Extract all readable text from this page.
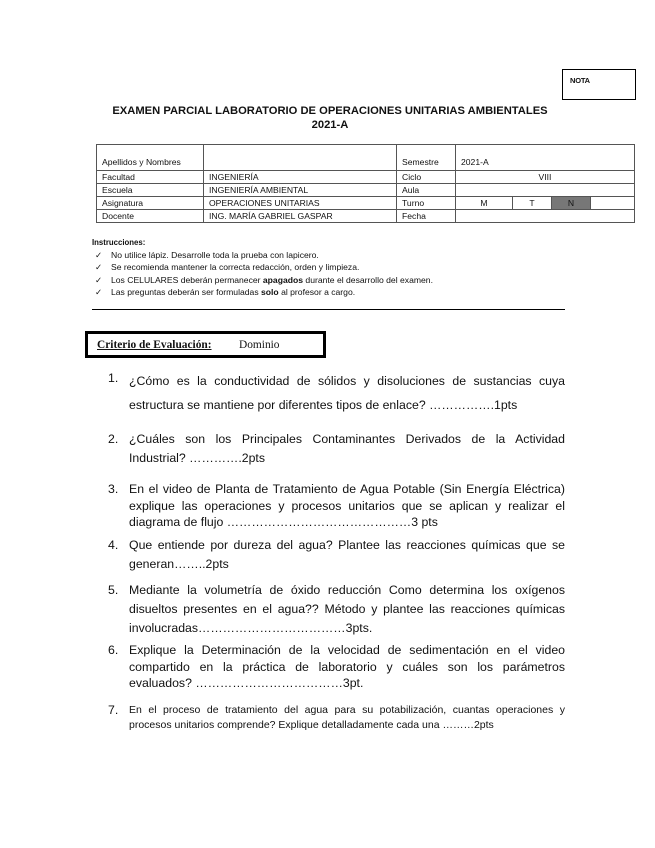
NOTA
EXAMEN PARCIAL LABORATORIO DE OPERACIONES UNITARIAS AMBIENTALES
2021-A
Apellidos y Nombres		Semestre	2021-A			
Facultad	INGENIERÍA	Ciclo	VIII			
Escuela	INGENIERÍA AMBIENTAL	Aula				
Asignatura	OPERACIONES UNITARIAS	Turno	M	T	N	
Docente	ING. MARÍA GABRIEL GASPAR	Fecha				
Instrucciones:
✓ No utilice lápiz. Desarrolle toda la prueba con lapicero.
✓ Se recomienda mantener la correcta redacción, orden y limpieza.
✓ Los CELULARES deberán permanecer apagados durante el desarrollo del examen.
✓ Las preguntas deberán ser formuladas solo al profesor a cargo.
Criterio de Evaluación: Dominio
1. ¿Cómo es la conductividad de sólidos y disoluciones de sustancias cuya estructura se mantiene por diferentes tipos de enlace? …………….1pts
2. ¿Cuáles son los Principales Contaminantes Derivados de la Actividad Industrial? ………….2pts
3. En el video de Planta de Tratamiento de Agua Potable (Sin Energía Eléctrica) explique las operaciones y procesos unitarios que se aplican y realizar el diagrama de flujo ………………………………………3 pts
4. Que entiende por dureza del agua? Plantee las reacciones químicas que se generan……..2pts
5. Mediante la volumetría de óxido reducción Como determina los oxígenos disueltos presentes en el agua?? Método y plantee las reacciones químicas involucradas………………………………3pts.
6. Explique la Determinación de la velocidad de sedimentación en el video compartido en la práctica de laboratorio y cuáles son los parámetros evaluados? ………………………………3pt.
7. En el proceso de tratamiento del agua para su potabilización, cuantas operaciones y procesos unitarios comprende? Explique detalladamente cada una ………2pts
